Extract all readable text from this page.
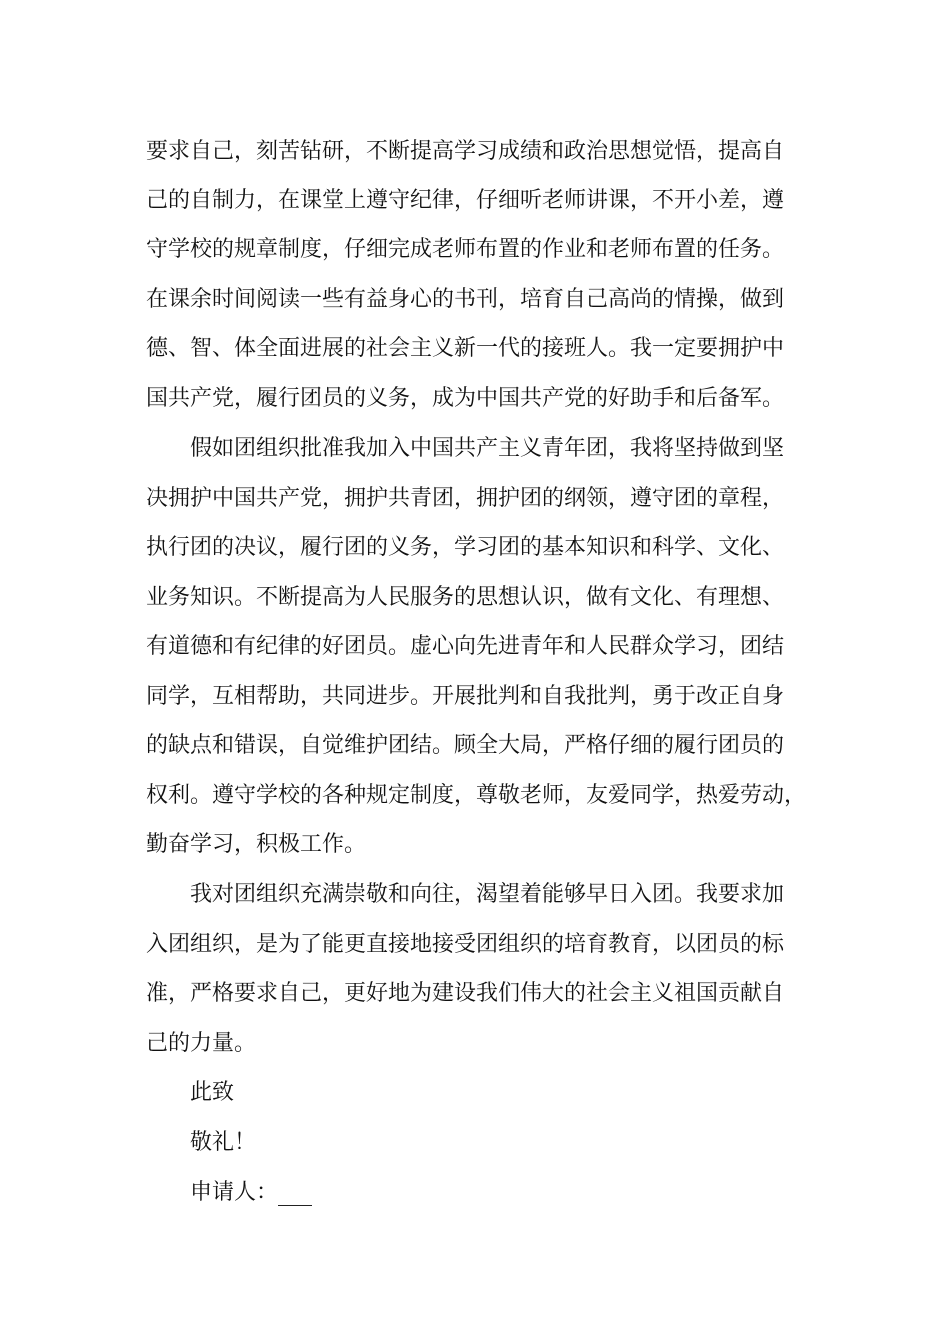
要求自己，刻苦钻研，不断提高学习成绩和政治思想觉悟，提高自
己的自制力，在课堂上遵守纪律，仔细听老师讲课，不开小差，遵
守学校的规章制度，仔细完成老师布置的作业和老师布置的任务。
在课余时间阅读一些有益身心的书刊，培育自己高尚的情操，做到
德、智、体全面进展的社会主义新一代的接班人。我一定要拥护中
国共产党，履行团员的义务，成为中国共产党的好助手和后备军。
假如团组织批准我加入中国共产主义青年团，我将坚持做到坚
决拥护中国共产党，拥护共青团，拥护团的纲领，遵守团的章程，
执行团的决议，履行团的义务，学习团的基本知识和科学、文化、
业务知识。不断提高为人民服务的思想认识，做有文化、有理想、
有道德和有纪律的好团员。虚心向先进青年和人民群众学习，团结
同学，互相帮助，共同进步。开展批判和自我批判，勇于改正自身
的缺点和错误，自觉维护团结。顾全大局，严格仔细的履行团员的
权利。遵守学校的各种规定制度，尊敬老师，友爱同学，热爱劳动，
勤奋学习，积极工作。
我对团组织充满崇敬和向往，渴望着能够早日入团。我要求加
入团组织，是为了能更直接地接受团组织的培育教育，以团员的标
准，严格要求自己，更好地为建设我们伟大的社会主义祖国贡献自
己的力量。
此致
敬礼！
申请人：
